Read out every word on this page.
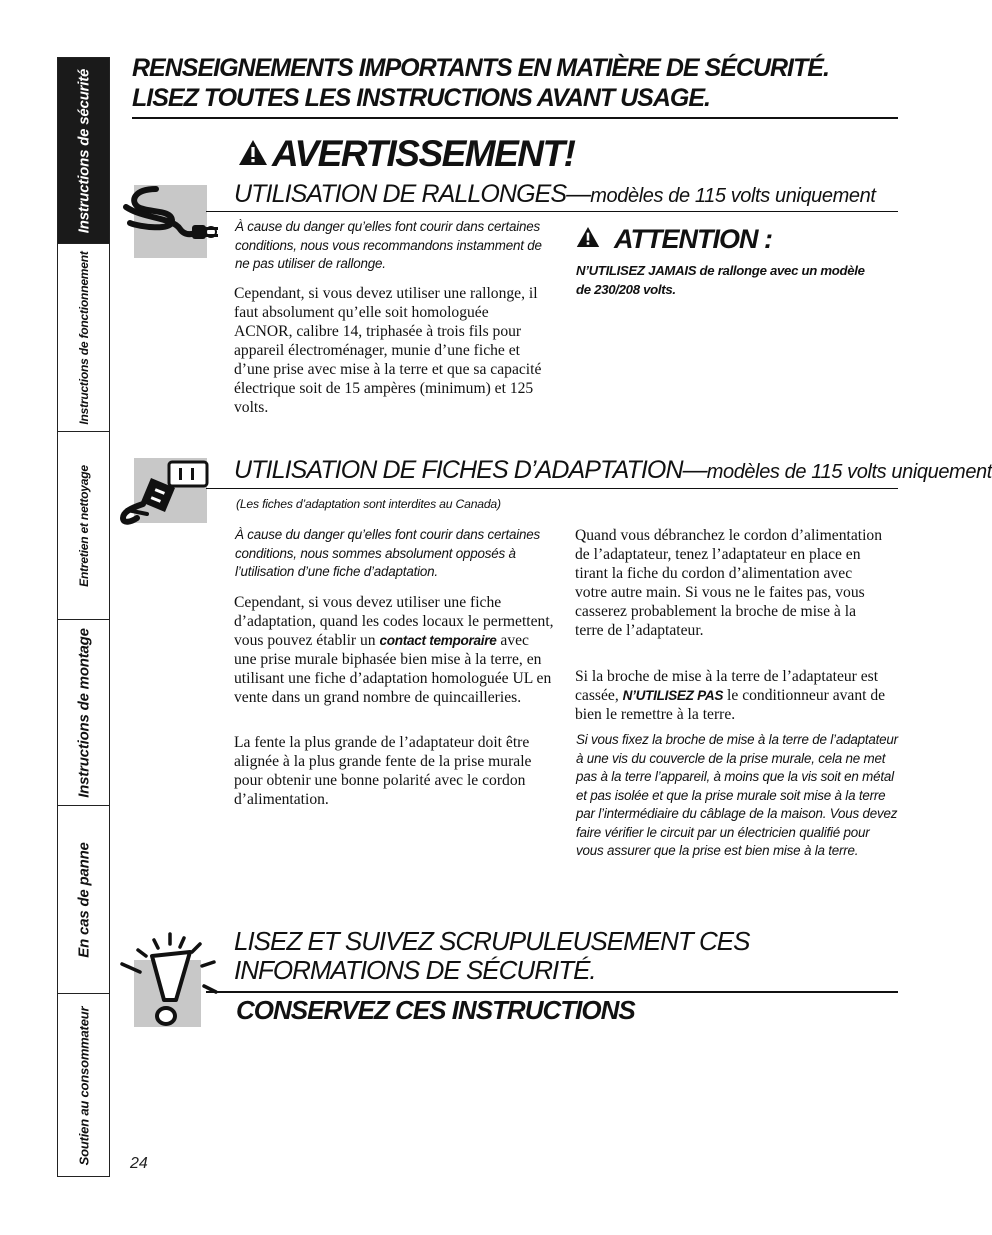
Instructions de sécurité
Instructions de fonctionnement
Entretien et nettoyage
Instructions de montage
En cas de panne
Soutien au consommateur
RENSEIGNEMENTS IMPORTANTS EN MATIÈRE DE SÉCURITÉ.
LISEZ TOUTES LES INSTRUCTIONS AVANT USAGE.
AVERTISSEMENT!
UTILISATION DE RALLONGES—modèles de 115 volts uniquement
À cause du danger qu’elles font courir dans certaines conditions, nous vous recommandons instamment de ne pas utiliser de rallonge.
Cependant, si vous devez utiliser une rallonge, il faut absolument qu’elle soit homologuée ACNOR, calibre 14, triphasée à trois fils pour appareil électroménager, munie d’une fiche et d’une prise avec mise à la terre et que sa capacité électrique soit de 15 ampères (minimum) et 125 volts.
ATTENTION :
N’UTILISEZ JAMAIS de rallonge avec un modèle de 230/208 volts.
UTILISATION DE FICHES D’ADAPTATION—modèles de 115 volts uniquement
(Les fiches d’adaptation sont interdites au Canada)
À cause du danger qu’elles font courir dans certaines conditions, nous sommes absolument opposés à l’utilisation d’une fiche d’adaptation.
Cependant, si vous devez utiliser une fiche d’adaptation, quand les codes locaux le permettent, vous pouvez établir un contact temporaire avec une prise murale biphasée bien mise à la terre, en utilisant une fiche d’adaptation homologuée UL en vente dans un grand nombre de quincailleries.
La fente la plus grande de l’adaptateur doit être alignée à la plus grande fente de la prise murale pour obtenir une bonne polarité avec le cordon d’alimentation.
Quand vous débranchez le cordon d’alimentation de l’adaptateur, tenez l’adaptateur en place en tirant la fiche du cordon d’alimentation avec votre autre main. Si vous ne le faites pas, vous casserez probablement la broche de mise à la terre de l’adaptateur.
Si la broche de mise à la terre de l’adaptateur est cassée, N’UTILISEZ PAS le conditionneur avant de bien le remettre à la terre.
Si vous fixez la broche de mise à la terre de l’adaptateur à une vis du couvercle de la prise murale, cela ne met pas à la terre l’appareil, à moins que la vis soit en métal et pas isolée et que la prise murale soit mise à la terre par l’intermédiaire du câblage de la maison. Vous devez faire vérifier le circuit par un électricien qualifié pour vous assurer que la prise est bien mise à la terre.
LISEZ ET SUIVEZ SCRUPULEUSEMENT CES
INFORMATIONS DE SÉCURITÉ.
CONSERVEZ CES INSTRUCTIONS
24
